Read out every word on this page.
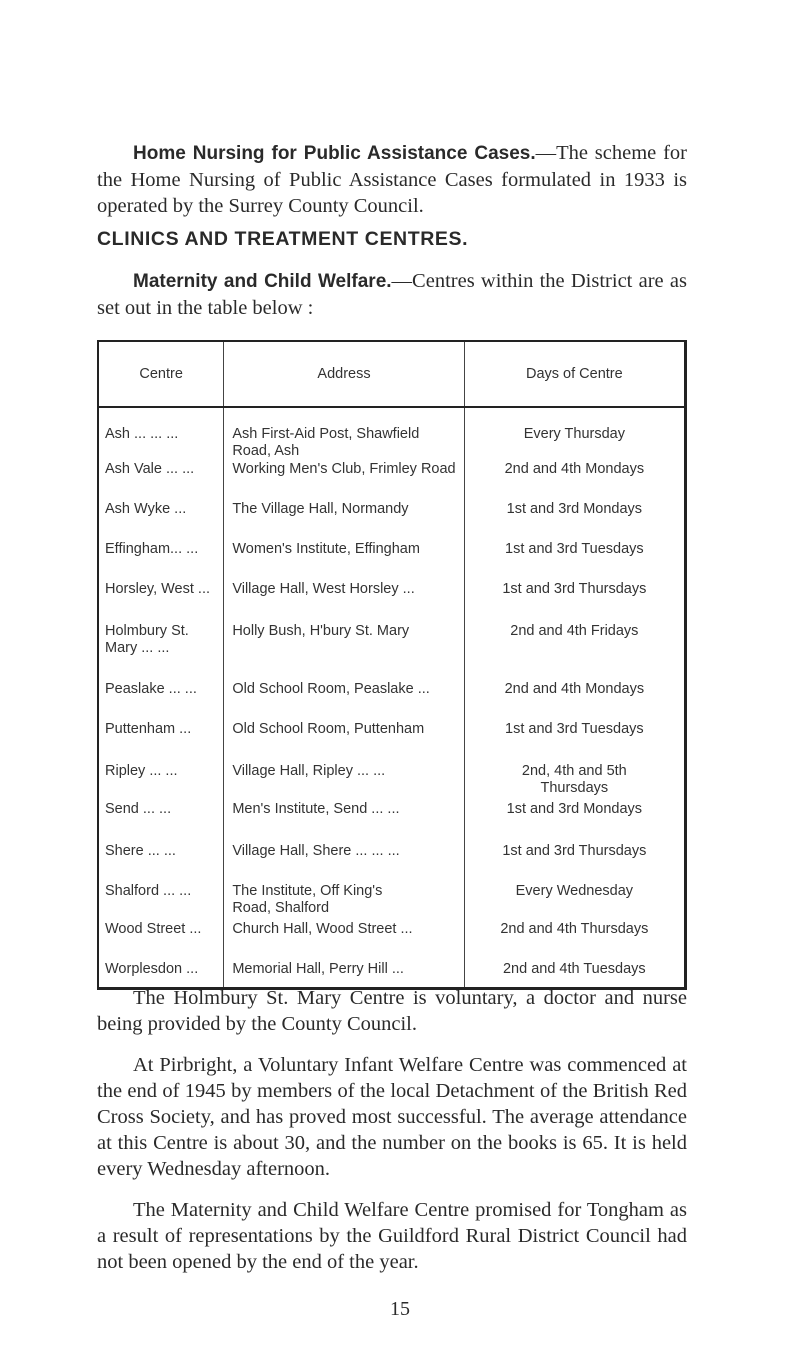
Home Nursing for Public Assistance Cases.—The scheme for the Home Nursing of Public Assistance Cases formulated in 1933 is operated by the Surrey County Council.

CLINICS AND TREATMENT CENTRES.

Maternity and Child Welfare.—Centres within the District are as set out in the table below :

Centre	Address	Days of Centre
Ash ... ... ...	Ash First-Aid Post, Shawfield Road, Ash	Every Thursday
Ash Vale ... ...	Working Men's Club, Frimley Road	2nd and 4th Mondays
Ash Wyke ...	The Village Hall, Normandy	1st and 3rd Mondays
Effingham... ...	Women's Institute, Effingham	1st and 3rd Tuesdays
Horsley, West ...	Village Hall, West Horsley ...	1st and 3rd Thursdays
Holmbury St. Mary ... ...	Holly Bush, H'bury St. Mary	2nd and 4th Fridays
Peaslake ... ...	Old School Room, Peaslake ...	2nd and 4th Mondays
Puttenham ...	Old School Room, Puttenham	1st and 3rd Tuesdays
Ripley ... ...	Village Hall, Ripley ... ...	2nd, 4th and 5th Thursdays
Send ... ...	Men's Institute, Send ... ...	1st and 3rd Mondays
Shere ... ...	Village Hall, Shere ... ... ...	1st and 3rd Thursdays
Shalford ... ...	The Institute, Off King's Road, Shalford	Every Wednesday
Wood Street ...	Church Hall, Wood Street ...	2nd and 4th Thursdays
Worplesdon ...	Memorial Hall, Perry Hill ...	2nd and 4th Tuesdays

The Holmbury St. Mary Centre is voluntary, a doctor and nurse being provided by the County Council.

At Pirbright, a Voluntary Infant Welfare Centre was commenced at the end of 1945 by members of the local Detachment of the British Red Cross Society, and has proved most successful. The average attendance at this Centre is about 30, and the number on the books is 65. It is held every Wednesday afternoon.

The Maternity and Child Welfare Centre promised for Tongham as a result of representations by the Guildford Rural District Council had not been opened by the end of the year.

15
